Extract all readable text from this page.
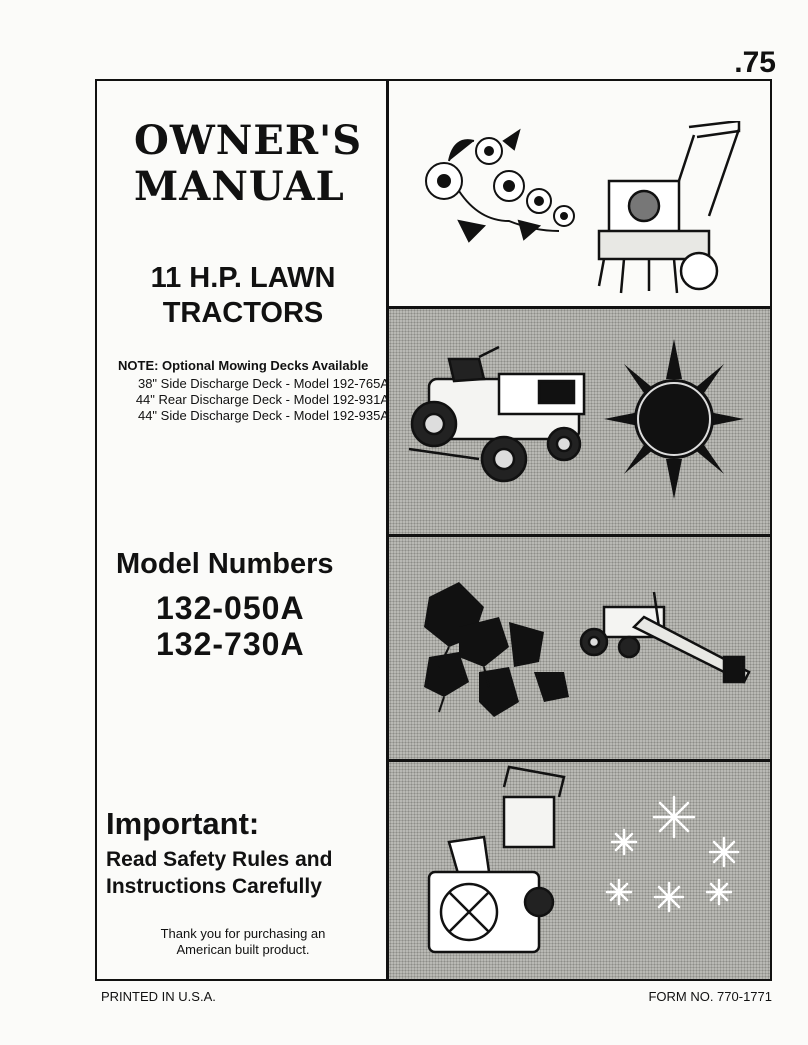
.75
OWNER'S
MANUAL
11 H.P. LAWN
TRACTORS
NOTE: Optional Mowing Decks Available
38" Side Discharge Deck - Model 192-765A
44" Rear Discharge Deck - Model 192-931A
44" Side Discharge Deck - Model 192-935A
Model Numbers
132-050A
132-730A
Important:
Read Safety Rules and
Instructions Carefully
Thank you for purchasing an
American built product.
PRINTED IN U.S.A.	FORM NO. 770-1771
